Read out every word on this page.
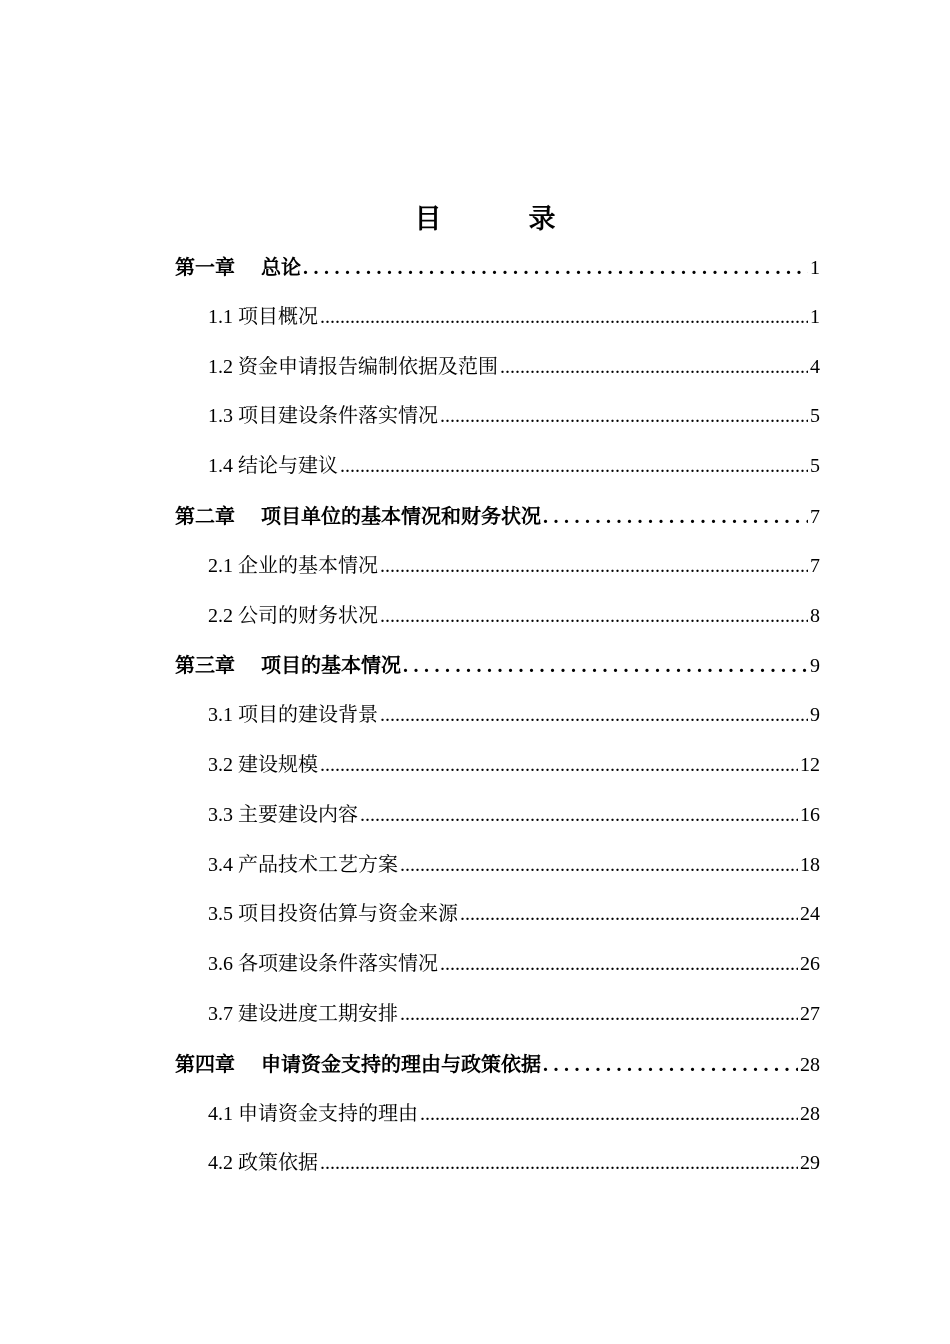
目　录
第一章 总论 .....	1
1.1 项目概况 .....	1
1.2 资金申请报告编制依据及范围 .....	4
1.3 项目建设条件落实情况 .....	5
1.4 结论与建议 .....	5
第二章 项目单位的基本情况和财务状况 .....	7
2.1 企业的基本情况 .....	7
2.2 公司的财务状况 .....	8
第三章 项目的基本情况 .....	9
3.1 项目的建设背景 .....	9
3.2 建设规模 .....	12
3.3 主要建设内容 .....	16
3.4 产品技术工艺方案 .....	18
3.5 项目投资估算与资金来源 .....	24
3.6 各项建设条件落实情况 .....	26
3.7 建设进度工期安排 .....	27
第四章 申请资金支持的理由与政策依据 .....	28
4.1 申请资金支持的理由 .....	28
4.2 政策依据 .....	29
